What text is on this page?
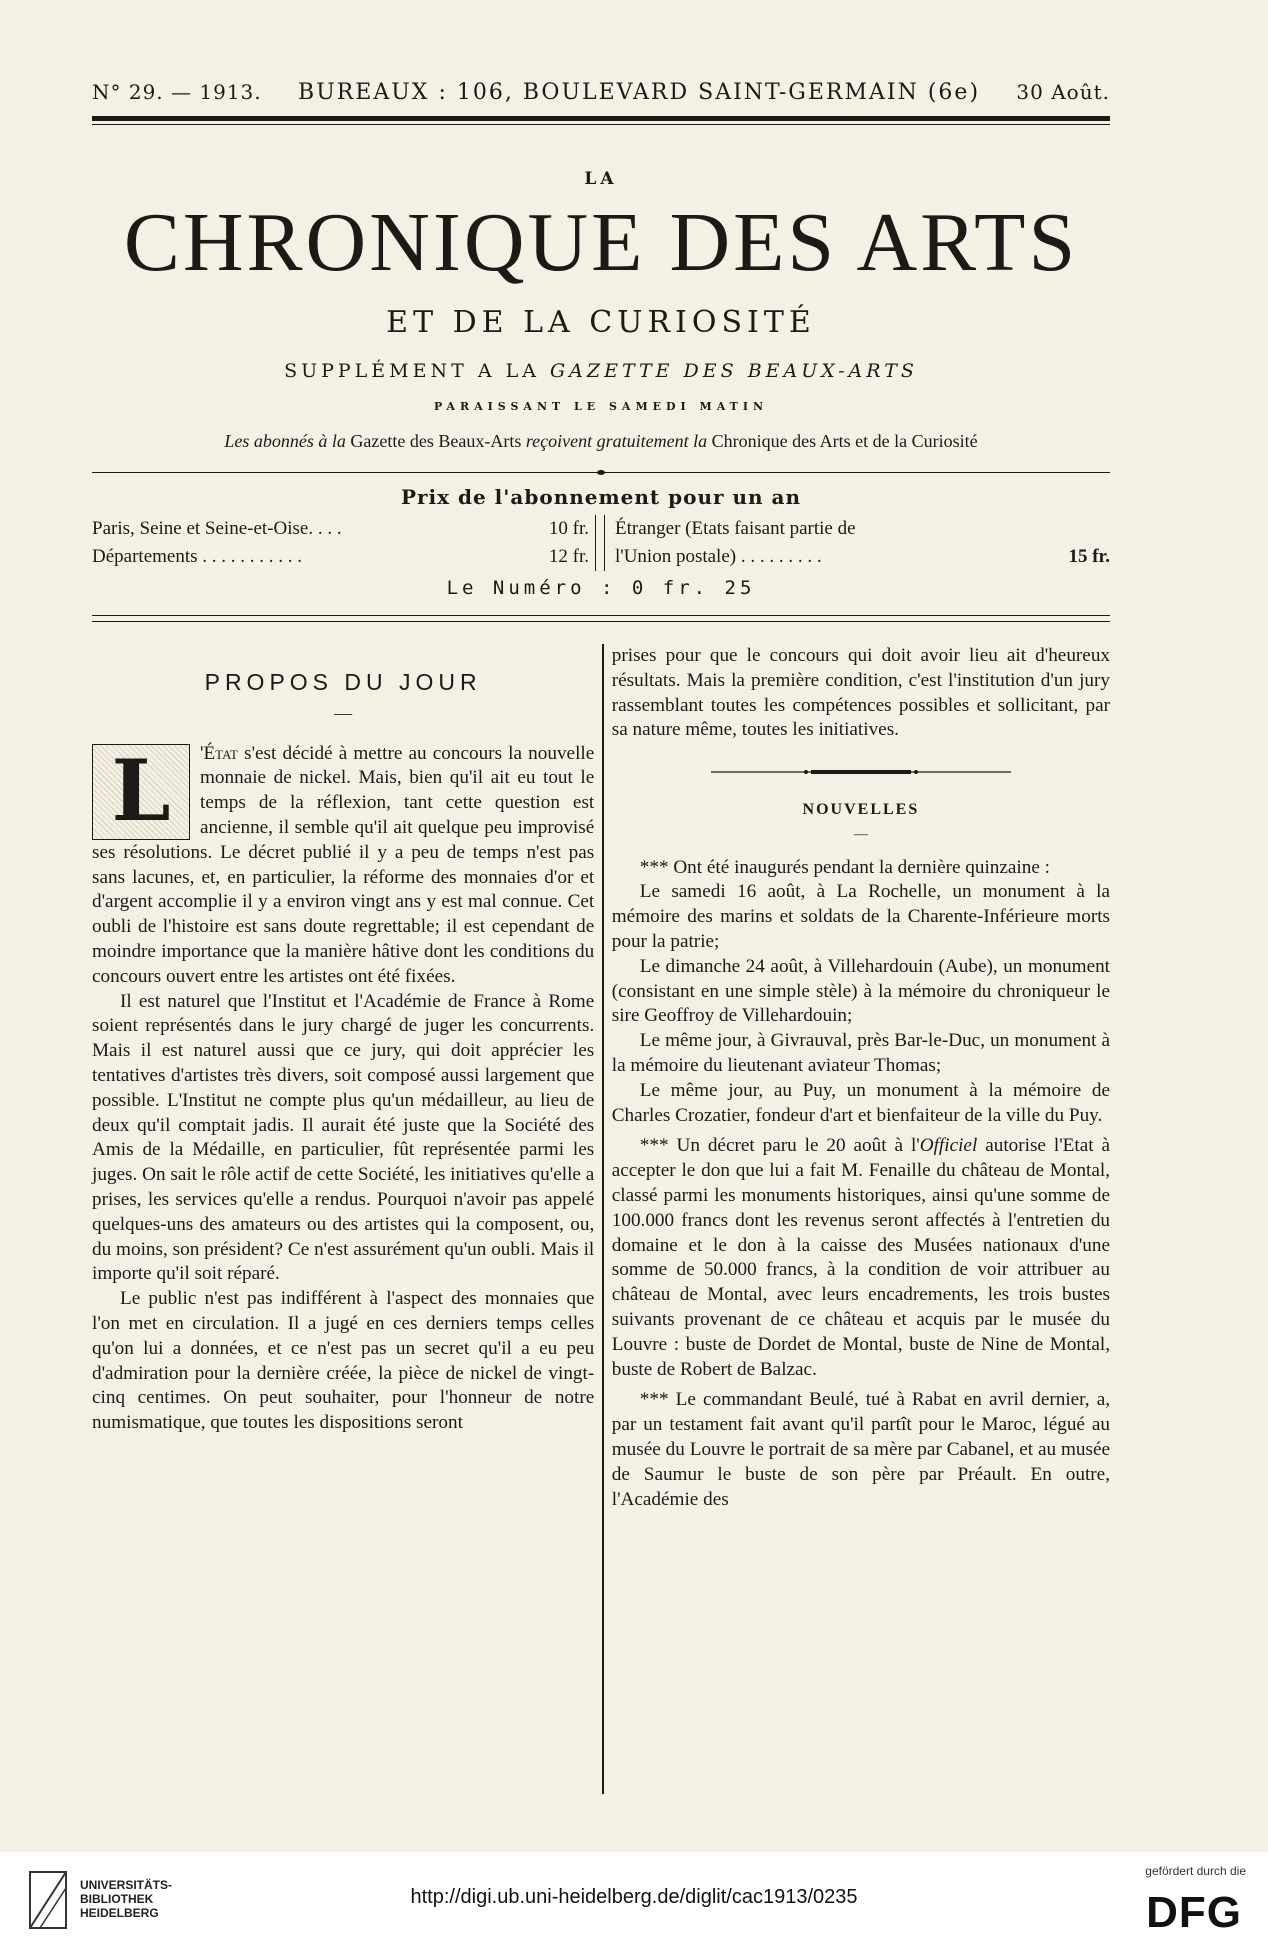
N° 29. — 1913. BUREAUX : 106, BOULEVARD SAINT-GERMAIN (6e) 30 Août.
LA
CHRONIQUE DES ARTS
ET DE LA CURIOSITÉ
SUPPLÉMENT A LA GAZETTE DES BEAUX-ARTS
PARAISSANT LE SAMEDI MATIN
Les abonnés à la Gazette des Beaux-Arts reçoivent gratuitement la Chronique des Arts et de la Curiosité
Prix de l'abonnement pour un an
Paris, Seine et Seine-et-Oise. . . .	10 fr.
Départements . . . . . . . . . . .	12 fr.
Étranger (Etats faisant partie de
l'Union postale) . . . . . . . . .	15 fr.
Le Numéro : 0 fr. 25
PROPOS DU JOUR
—
L	'État s'est décidé à mettre au concours la nouvelle monnaie de nickel. Mais, bien qu'il ait eu tout le temps de la réflexion, tant cette question est ancienne, il semble qu'il ait quelque peu improvisé ses résolutions. Le décret publié il y a peu de temps n'est pas sans lacunes, et, en particulier, la réforme des monnaies d'or et d'argent accomplie il y a environ vingt ans y est mal connue. Cet oubli de l'histoire est sans doute regrettable; il est cependant de moindre importance que la manière hâtive dont les conditions du concours ouvert entre les artistes ont été fixées.

Il est naturel que l'Institut et l'Académie de France à Rome soient représentés dans le jury chargé de juger les concurrents. Mais il est naturel aussi que ce jury, qui doit apprécier les tentatives d'artistes très divers, soit composé aussi largement que possible. L'Institut ne compte plus qu'un médailleur, au lieu de deux qu'il comptait jadis. Il aurait été juste que la Société des Amis de la Médaille, en particulier, fût représentée parmi les juges. On sait le rôle actif de cette Société, les initiatives qu'elle a prises, les services qu'elle a rendus. Pourquoi n'avoir pas appelé quelques-uns des amateurs ou des artistes qui la composent, ou, du moins, son président? Ce n'est assurément qu'un oubli. Mais il importe qu'il soit réparé.

Le public n'est pas indifférent à l'aspect des monnaies que l'on met en circulation. Il a jugé en ces derniers temps celles qu'on lui a données, et ce n'est pas un secret qu'il a eu peu d'admiration pour la dernière créée, la pièce de nickel de vingt-cinq centimes. On peut souhaiter, pour l'honneur de notre numismatique, que toutes les dispositions seront

prises pour que le concours qui doit avoir lieu ait d'heureux résultats. Mais la première condition, c'est l'institution d'un jury rassemblant toutes les compétences possibles et sollicitant, par sa nature même, toutes les initiatives.

NOUVELLES
—

*** Ont été inaugurés pendant la dernière quinzaine :

Le samedi 16 août, à La Rochelle, un monument à la mémoire des marins et soldats de la Charente-Inférieure morts pour la patrie;

Le dimanche 24 août, à Villehardouin (Aube), un monument (consistant en une simple stèle) à la mémoire du chroniqueur le sire Geoffroy de Villehardouin;

Le même jour, à Givrauval, près Bar-le-Duc, un monument à la mémoire du lieutenant aviateur Thomas;

Le même jour, au Puy, un monument à la mémoire de Charles Crozatier, fondeur d'art et bienfaiteur de la ville du Puy.

*** Un décret paru le 20 août à l'Officiel autorise l'Etat à accepter le don que lui a fait M. Fenaille du château de Montal, classé parmi les monuments historiques, ainsi qu'une somme de 100.000 francs dont les revenus seront affectés à l'entretien du domaine et le don à la caisse des Musées nationaux d'une somme de 50.000 francs, à la condition de voir attribuer au château de Montal, avec leurs encadrements, les trois bustes suivants provenant de ce château et acquis par le musée du Louvre : buste de Dordet de Montal, buste de Nine de Montal, buste de Robert de Balzac.

*** Le commandant Beulé, tué à Rabat en avril dernier, a, par un testament fait avant qu'il partît pour le Maroc, légué au musée du Louvre le portrait de sa mère par Cabanel, et au musée de Saumur le buste de son père par Préault. En outre, l'Académie des

UNIVERSITÄTS-
BIBLIOTHEK
HEIDELBERG
http://digi.ub.uni-heidelberg.de/diglit/cac1913/0235
gefördert durch die
DFG
